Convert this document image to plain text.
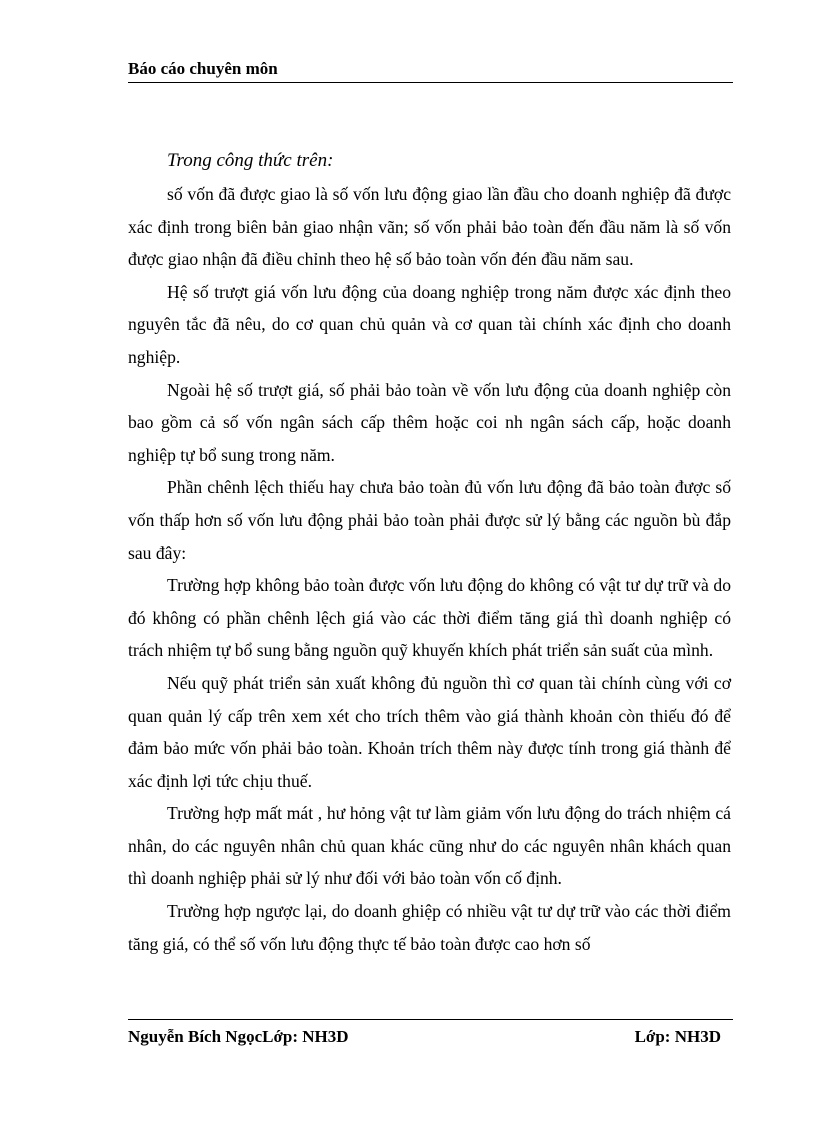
Báo cáo chuyên môn

Trong công thức trên:

số vốn đã được giao là số vốn lưu động giao lần đầu cho doanh nghiệp đã được xác định trong biên bản giao nhận vãn; số vốn phải bảo toàn đến đầu năm là số vốn được giao nhận đã điều chỉnh theo hệ số bảo toàn vốn đén đầu năm sau.

Hệ số trượt giá vốn lưu động của doang nghiệp trong năm được xác định theo nguyên tắc đã nêu, do cơ quan chủ quản và cơ quan tài chính xác định cho doanh nghiệp.

Ngoài hệ số trượt giá, số phải bảo toàn về vốn lưu động của doanh nghiệp còn bao gồm cả số vốn ngân sách cấp thêm hoặc coi nh ngân sách cấp, hoặc doanh nghiệp tự bổ sung trong năm.

Phần chênh lệch thiếu hay chưa bảo toàn đủ vốn lưu động đã bảo toàn được số vốn thấp hơn số vốn lưu động phải bảo toàn phải được sử lý bằng các nguồn bù đắp sau đây:

Trường hợp không bảo toàn được vốn lưu động do không có vật tư dự trữ và do đó không có phần chênh lệch giá vào các thời điểm tăng giá thì doanh nghiệp có trách nhiệm tự bổ sung bằng nguồn quỹ khuyến khích phát triển sản suất của mình.

Nếu quỹ phát triển sản xuất không đủ nguồn thì cơ quan tài chính cùng với cơ quan quản lý cấp trên xem xét cho trích thêm vào giá thành khoản còn thiếu đó để đảm bảo mức vốn phải bảo toàn. Khoản trích thêm này được tính trong giá thành để xác định lợi tức chịu thuế.

Trường hợp mất mát , hư hỏng vật tư làm giảm vốn lưu động do trách nhiệm cá nhân, do các nguyên nhân chủ quan khác cũng như do các nguyên nhân khách quan thì doanh nghiệp phải sử lý như đối với bảo toàn vốn cố định.

Trường hợp ngược lại, do doanh ghiệp có nhiều vật tư dự trữ vào các thời điểm tăng giá, có thể số vốn lưu động thực tế bảo toàn được cao hơn số

Nguyễn Bích NgọcLớp: NH3D	Lớp: NH3D
